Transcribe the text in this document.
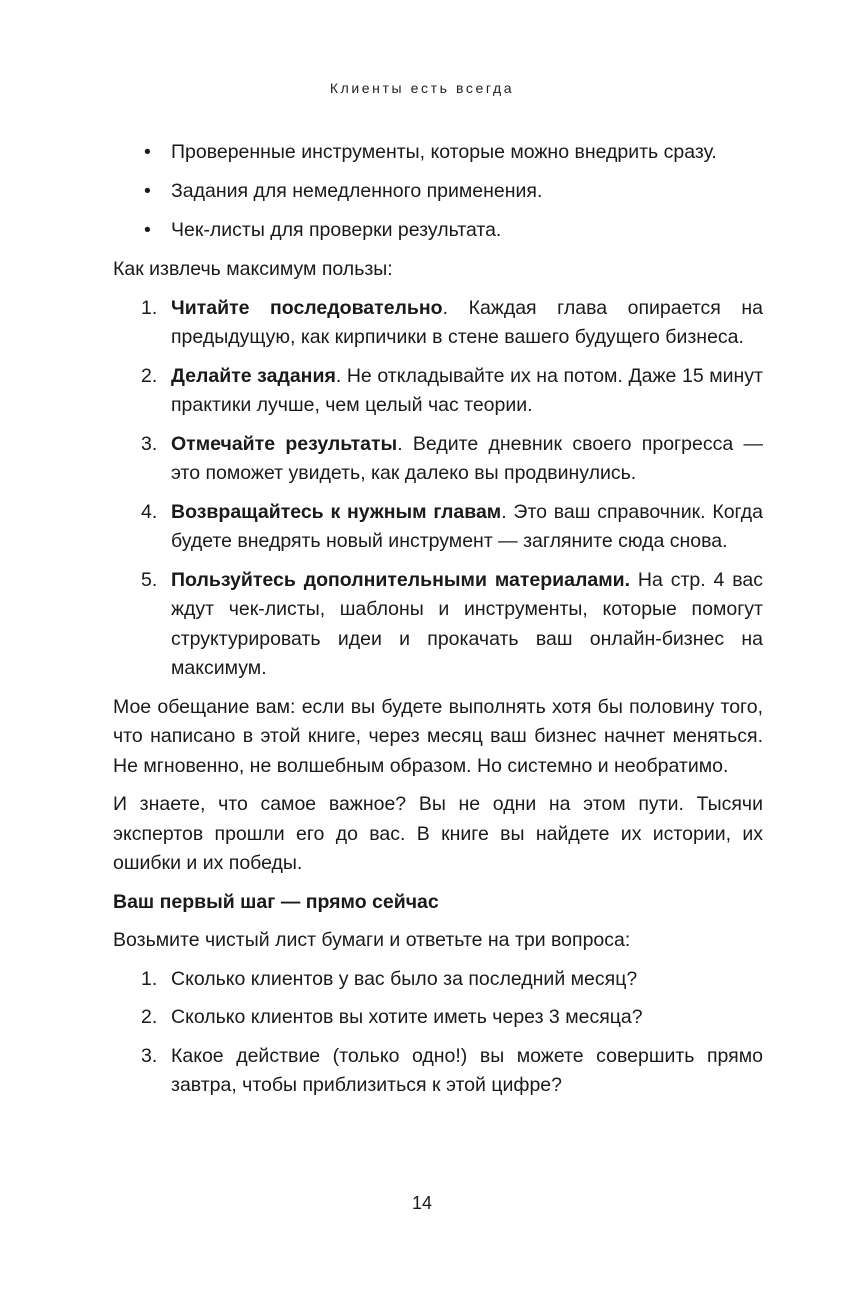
Клиенты есть всегда
• Проверенные инструменты, которые можно внедрить сразу.
• Задания для немедленного применения.
• Чек-листы для проверки результата.

Как извлечь максимум пользы:

1. Читайте последовательно. Каждая глава опирается на предыдущую, как кирпичики в стене вашего будущего бизнеса.
2. Делайте задания. Не откладывайте их на потом. Даже 15 минут практики лучше, чем целый час теории.
3. Отмечайте результаты. Ведите дневник своего прогресса — это поможет увидеть, как далеко вы продвинулись.
4. Возвращайтесь к нужным главам. Это ваш справочник. Когда будете внедрять новый инструмент — загляните сюда снова.
5. Пользуйтесь дополнительными материалами. На стр. 4 вас ждут чек-листы, шаблоны и инструменты, которые помогут структурировать идеи и прокачать ваш онлайн-бизнес на максимум.

Мое обещание вам: если вы будете выполнять хотя бы половину того, что написано в этой книге, через месяц ваш бизнес начнет меняться. Не мгновенно, не волшебным образом. Но системно и необратимо.

И знаете, что самое важное? Вы не одни на этом пути. Тысячи экспертов прошли его до вас. В книге вы найдете их истории, их ошибки и их победы.

Ваш первый шаг — прямо сейчас

Возьмите чистый лист бумаги и ответьте на три вопроса:

1. Сколько клиентов у вас было за последний месяц?
2. Сколько клиентов вы хотите иметь через 3 месяца?
3. Какое действие (только одно!) вы можете совершить прямо завтра, чтобы приблизиться к этой цифре?
14
